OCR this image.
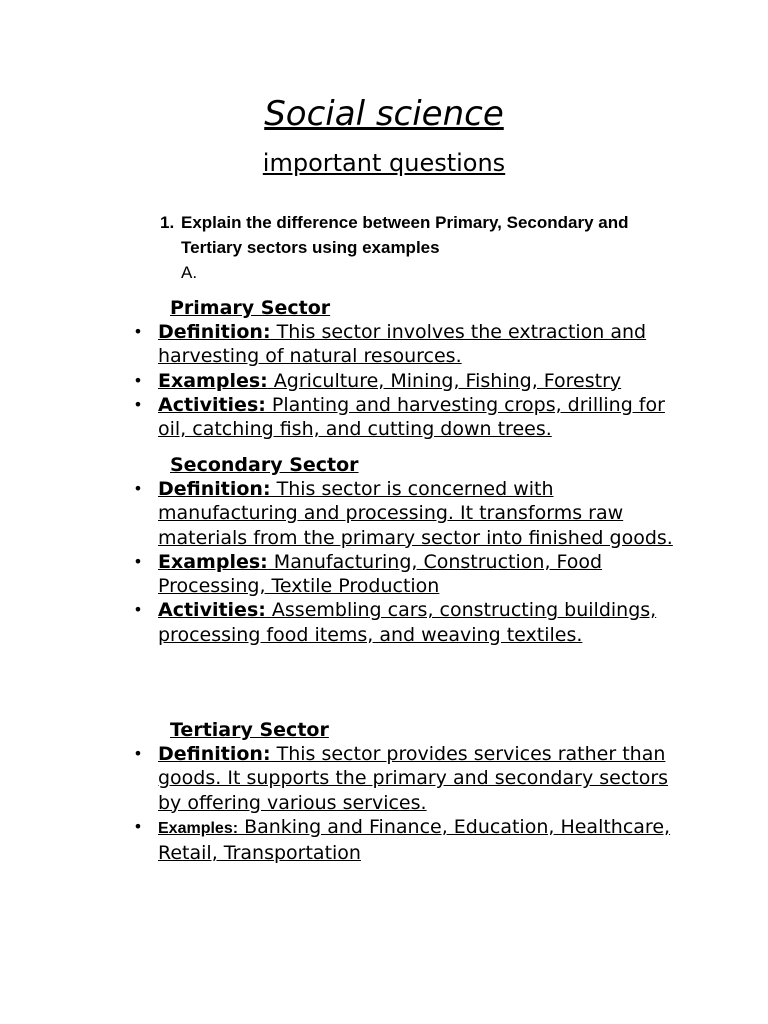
Social science
important questions
1. Explain the difference between Primary, Secondary and Tertiary sectors using examples
A.
Primary Sector
• Definition: This sector involves the extraction and harvesting of natural resources.
• Examples: Agriculture, Mining, Fishing, Forestry
• Activities: Planting and harvesting crops, drilling for oil, catching fish, and cutting down trees.
Secondary Sector
• Definition: This sector is concerned with manufacturing and processing. It transforms raw materials from the primary sector into finished goods.
• Examples: Manufacturing, Construction, Food Processing, Textile Production
• Activities: Assembling cars, constructing buildings, processing food items, and weaving textiles.
Tertiary Sector
• Definition: This sector provides services rather than goods. It supports the primary and secondary sectors by offering various services.
• Examples: Banking and Finance, Education, Healthcare, Retail, Transportation
